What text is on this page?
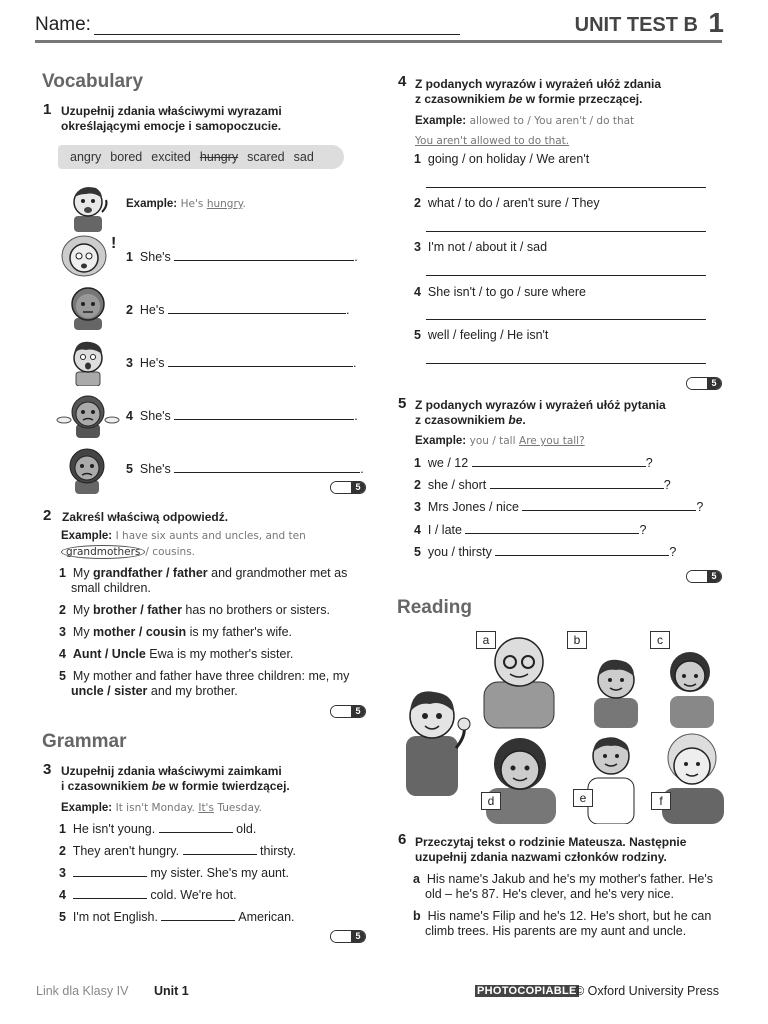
Name:	UNIT TEST B 1
Vocabulary
1 Uzupełnij zdania właściwymi wyrazami
określającymi emocje i samopoczucie.
angry bored excited hungry scared sad
!
Example: He's hungry.
1 She's	.
2 He's	.
3 He's	.
4 She's	.
5 She's	.
5
2 Zakreśl właściwą odpowiedź.
Example: I have six aunts and uncles, and ten
grandmothers / cousins.
1 My grandfather / father and grandmother met as
small children.
2 My brother / father has no brothers or sisters.
3 My mother / cousin is my father's wife.
4 Aunt / Uncle Ewa is my mother's sister.
5 My mother and father have three children: me, my
uncle / sister and my brother.
5
Grammar
3 Uzupełnij zdania właściwymi zaimkami
i czasownikiem be w formie twierdzącej.
Example: It isn't Monday. It's Tuesday.
1 He isn't young.	old.
2 They aren't hungry.	thirsty.
3	my sister. She's my aunt.
4	cold. We're hot.
5 I'm not English.	American.
5
4 Z podanych wyrazów i wyrażeń ułóż zdania
z czasownikiem be w formie przeczącej.
Example: allowed to / You aren't / do that
You aren't allowed to do that.
1 going / on holiday / We aren't
2 what / to do / aren't sure / They
3 I'm not / about it / sad
4 She isn't / to go / sure where
5 well / feeling / He isn't
5
5 Z podanych wyrazów i wyrażeń ułóż pytania
z czasownikiem be.
Example: you / tall Are you tall?
1 we / 12	?
2 she / short	?
3 Mrs Jones / nice	?
4 I / late	?
5 you / thirsty	?
5
Reading
a	b	c
d	e	f
6 Przeczytaj tekst o rodzinie Mateusza. Następnie
uzupełnij zdania nazwami członków rodziny.
a His name's Jakub and he's my mother's father. He's
old – he's 87. He's clever, and he's very nice.
b His name's Filip and he's 12. He's short, but he can
climb trees. His parents are my aunt and uncle.
Link dla Klasy IV Unit 1	PHOTOCOPIABLE
© Oxford University Press
